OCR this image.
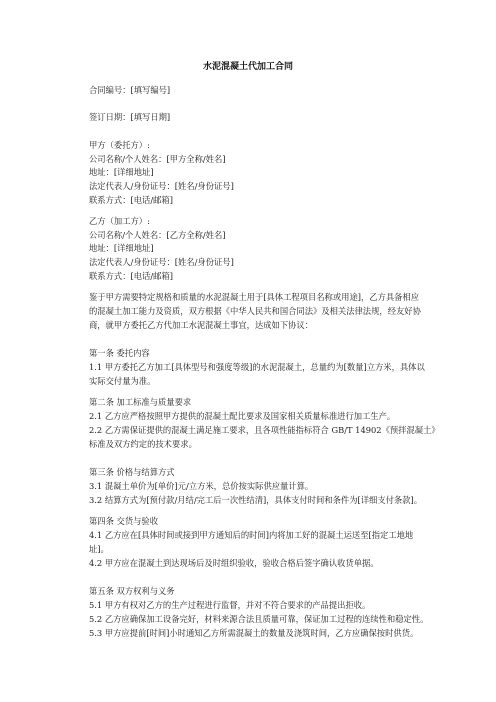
水泥混凝土代加工合同
合同编号：[填写编号]
签订日期：[填写日期]
甲方（委托方）:
公司名称/个人姓名：[甲方全称/姓名]
地址：[详细地址]
法定代表人/身份证号：[姓名/身份证号]
联系方式：[电话/邮箱]
乙方（加工方）:
公司名称/个人姓名：[乙方全称/姓名]
地址：[详细地址]
法定代表人/身份证号：[姓名/身份证号]
联系方式：[电话/邮箱]
鉴于甲方需要特定规格和质量的水泥混凝土用于[具体工程项目名称或用途]，乙方具备相应
的混凝土加工能力及资质，双方根据《中华人民共和国合同法》及相关法律法规，经友好协
商，就甲方委托乙方代加工水泥混凝土事宜，达成如下协议：
第一条 委托内容
1.1 甲方委托乙方加工[具体型号和强度等级]的水泥混凝土，总量约为[数量]立方米，具体以
实际交付量为准。
第二条 加工标准与质量要求
2.1 乙方应严格按照甲方提供的混凝土配比要求及国家相关质量标准进行加工生产。
2.2 乙方需保证提供的混凝土满足施工要求，且各项性能指标符合 GB/T 14902《预拌混凝土》
标准及双方约定的技术要求。
第三条 价格与结算方式
3.1 混凝土单价为[单价]元/立方米，总价按实际供应量计算。
3.2 结算方式为[预付款/月结/完工后一次性结清]，具体支付时间和条件为[详细支付条款]。
第四条 交货与验收
4.1 乙方应在[具体时间或接到甲方通知后的时间]内将加工好的混凝土运送至[指定工地地
址]。
4.2 甲方应在混凝土到达现场后及时组织验收，验收合格后签字确认收货单据。
第五条 双方权利与义务
5.1 甲方有权对乙方的生产过程进行监督，并对不符合要求的产品提出拒收。
5.2 乙方应确保加工设备完好，材料来源合法且质量可靠，保证加工过程的连续性和稳定性。
5.3 甲方应提前[时间]小时通知乙方所需混凝土的数量及浇筑时间，乙方应确保按时供货。
